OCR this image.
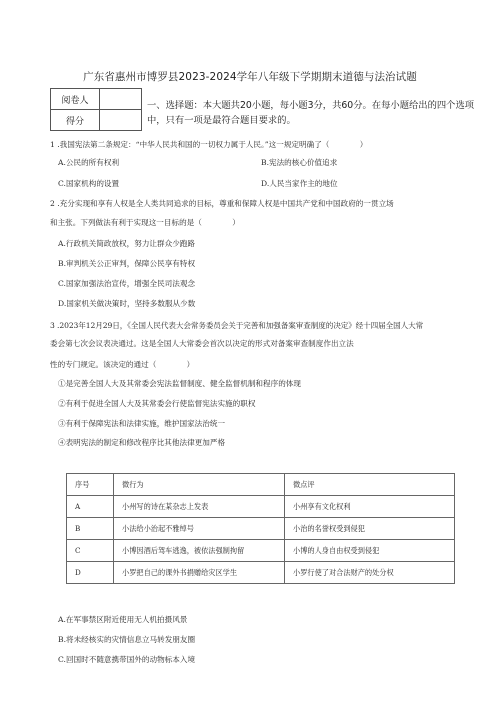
广东省惠州市博罗县2023-2024学年八年级下学期期末道德与法治试题
阅卷人	
得分	
一、选择题：本大题共20小题，每小题3分，共60分。在每小题给出的四个选项
中，只有一项是最符合题目要求的。
1 .我国宪法第二条规定：“中华人民共和国的一切权力属于人民。”这一规定明确了（　　　　）
A.公民的所有权利	B.宪法的核心价值追求
C.国家机构的设置	D.人民当家作主的地位
2 .充分实现和享有人权是全人类共同追求的目标，尊重和保障人权是中国共产党和中国政府的一贯立场
和主张。下列做法有利于实现这一目标的是（　　　　）
A.行政机关简政放权，努力让群众少跑路
B.审判机关公正审判，保障公民享有特权
C.国家加强法治宣传，增强全民司法观念
D.国家机关做决策时，坚持多数服从少数
3 .2023年12月29日，《全国人民代表大会常务委员会关于完善和加强备案审查制度的决定》经十四届全国人大常
委会第七次会议表决通过。这是全国人大常委会首次以决定的形式对备案审查制度作出立法
性的专门规定。该决定的通过（　　　　）
①是完善全国人大及其常委会宪法监督制度、健全监督机制和程序的体现
②有利于促进全国人大及其常委会行使监督宪法实施的职权
③有利于保障宪法和法律实施，维护国家法治统一
④表明宪法的制定和修改程序比其他法律更加严格
序号	微行为	微点评
A	小州写的诗在某杂志上发表	小州享有文化权利
B	小法给小治起不雅绰号	小治的名誉权受到侵犯
C	小博因酒后驾车逃逸，被依法强制拘留	小博的人身自由权受到侵犯
D	小罗把自己的课外书捐赠给灾区学生	小罗行使了对合法财产的处分权
A.在军事禁区附近使用无人机拍摄风景
B.将未经核实的灾情信息立马转发朋友圈
C.回国时不随意携带国外的动物标本入境
